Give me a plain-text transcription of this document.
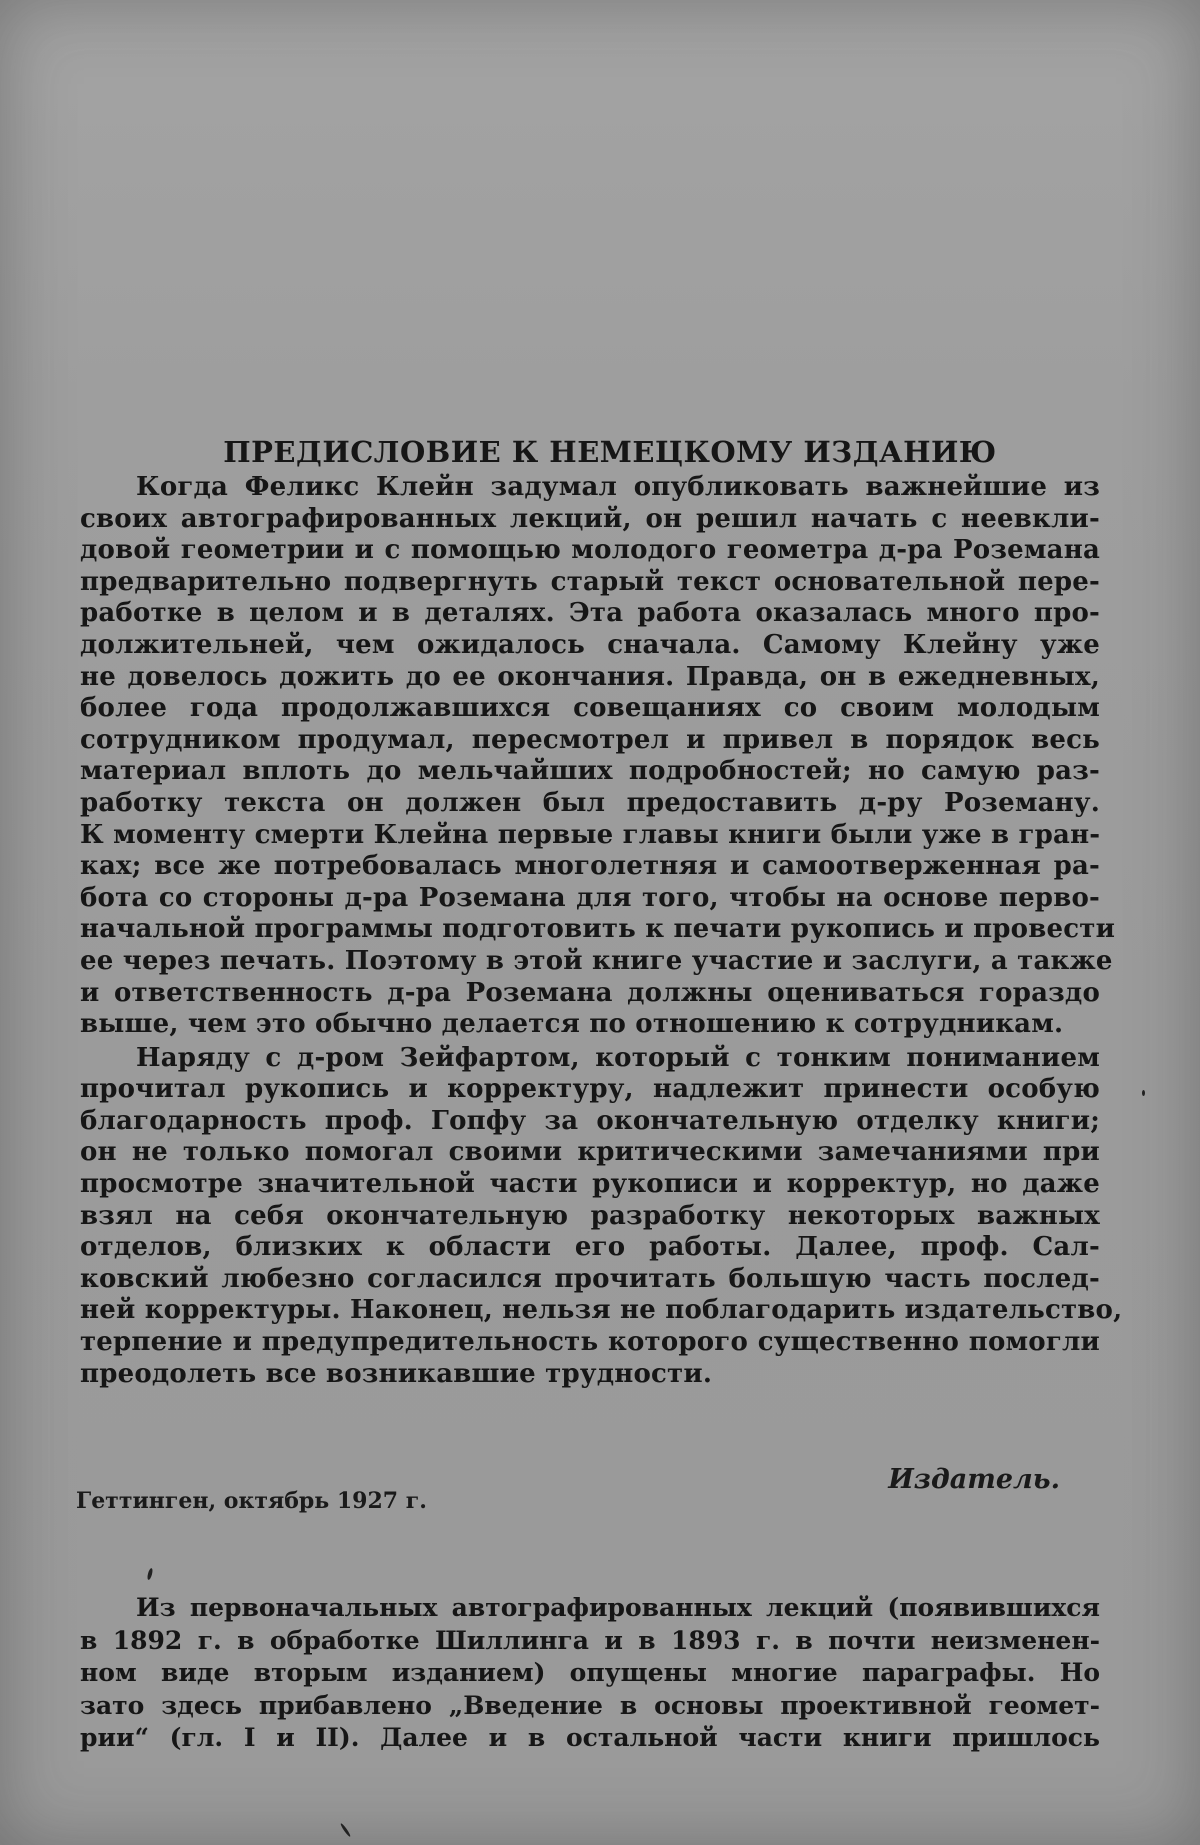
ПРЕДИСЛОВИЕ К НЕМЕЦКОМУ ИЗДАНИЮ
Когда Феликс Клейн задумал опубликовать важнейшие из
своих автографированных лекций, он решил начать с неевкли-
довой геометрии и с помощью молодого геометра д-ра Роземана
предварительно подвергнуть старый текст основательной пере-
работке в целом и в деталях. Эта работа оказалась много про-
должительней, чем ожидалось сначала. Самому Клейну уже
не довелось дожить до ее окончания. Правда, он в ежедневных,
более года продолжавшихся совещаниях со своим молодым
сотрудником продумал, пересмотрел и привел в порядок весь
материал вплоть до мельчайших подробностей; но самую раз-
работку текста он должен был предоставить д-ру Роземану.
К моменту смерти Клейна первые главы книги были уже в гран-
ках; все же потребовалась многолетняя и самоотверженная ра-
бота со стороны д-ра Роземана для того, чтобы на основе перво-
начальной программы подготовить к печати рукопись и провести
ее через печать. Поэтому в этой книге участие и заслуги, а также
и ответственность д-ра Роземана должны оцениваться гораздо
выше, чем это обычно делается по отношению к сотрудникам.
Наряду с д-ром Зейфартом, который с тонким пониманием
прочитал рукопись и корректуру, надлежит принести особую
благодарность проф. Гопфу за окончательную отделку книги;
он не только помогал своими критическими замечаниями при
просмотре значительной части рукописи и корректур, но даже
взял на себя окончательную разработку некоторых важных
отделов, близких к области его работы. Далее, проф. Сал-
ковский любезно согласился прочитать большую часть послед-
ней корректуры. Наконец, нельзя не поблагодарить издательство,
терпение и предупредительность которого существенно помогли
преодолеть все возникавшие трудности.
Издатель.
Геттинген, октябрь 1927 г.
Из первоначальных автографированных лекций (появившихся
в 1892 г. в обработке Шиллинга и в 1893 г. в почти неизменен-
ном виде вторым изданием) опущены многие параграфы. Но
зато здесь прибавлено „Введение в основы проективной геомет-
рии“ (гл. I и II). Далее и в остальной части книги пришлось
